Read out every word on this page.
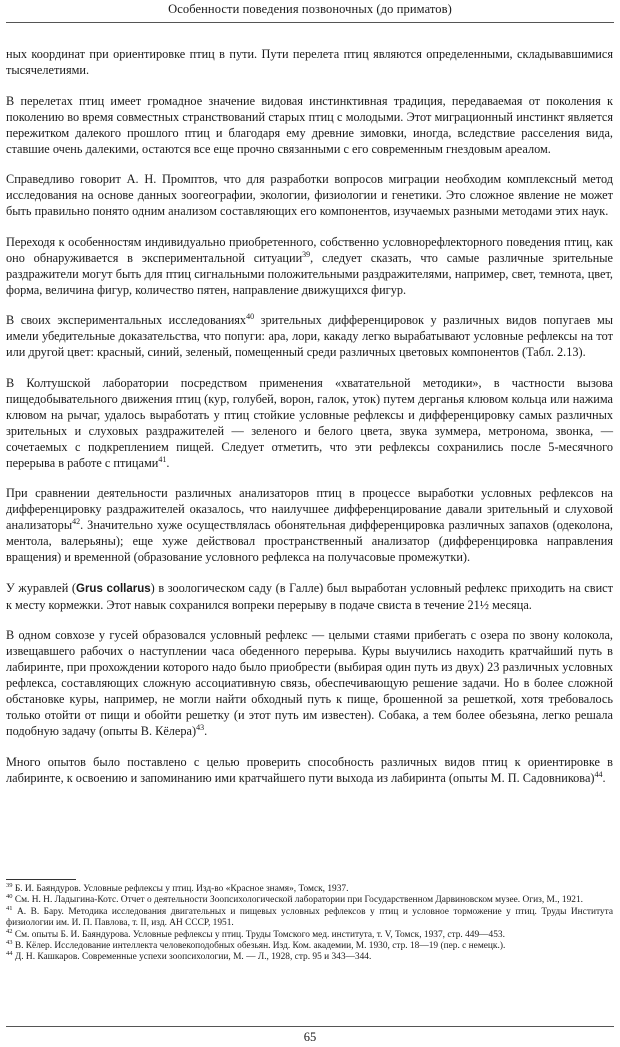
Особенности поведения позвоночных (до приматов)

ных координат при ориентировке птиц в пути. Пути перелета птиц являются определенными, складывавшимися тысячелетиями.

В перелетах птиц имеет громадное значение видовая инстинктивная традиция, передаваемая от поколения к поколению во время совместных странствований старых птиц с молодыми. Этот миграционный инстинкт является пережитком далекого прошлого птиц и благодаря ему древние зимовки, иногда, вследствие расселения вида, ставшие очень далекими, остаются все еще прочно связанными с его современным гнездовым ареалом.

Справедливо говорит А. Н. Промптов, что для разработки вопросов миграции необходим комплексный метод исследования на основе данных зоогеографии, экологии, физиологии и генетики. Это сложное явление не может быть правильно понято одним анализом составляющих его компонентов, изучаемых разными методами этих наук.

Переходя к особенностям индивидуально приобретенного, собственно условнорефлекторного поведения птиц, как оно обнаруживается в экспериментальной ситуации$^{39}$, следует сказать, что самые различные зрительные раздражители могут быть для птиц сигнальными положительными раздражителями, например, свет, темнота, цвет, форма, величина фигур, количество пятен, направление движущихся фигур.

В своих экспериментальных исследованиях$^{40}$ зрительных дифференцировок у различных видов попугаев мы имели убедительные доказательства, что попуги: ара, лори, какаду легко вырабатывают условные рефлексы на тот или другой цвет: красный, синий, зеленый, помещенный среди различных цветовых компонентов (Табл. 2.13).

В Колтушской лаборатории посредством применения «хватательной методики», в частности вызова пищедобывательного движения птиц (кур, голубей, ворон, галок, уток) путем дерганья клювом кольца или нажима клювом на рычаг, удалось выработать у птиц стойкие условные рефлексы и дифференцировку самых различных зрительных и слуховых раздражителей — зеленого и белого цвета, звука зуммера, метронома, звонка, — сочетаемых с подкреплением пищей. Следует отметить, что эти рефлексы сохранились после 5-месячного перерыва в работе с птицами$^{41}$.

При сравнении деятельности различных анализаторов птиц в процессе выработки условных рефлексов на дифференцировку раздражителей оказалось, что наилучшее дифференцирование давали зрительный и слуховой анализаторы$^{42}$. Значительно хуже осуществлялась обонятельная дифференцировка различных запахов (одеколона, ментола, валерьяны); еще хуже действовал пространственный анализатор (дифференцировка направления вращения) и временной (образование условного рефлекса на получасовые промежутки).

У журавлей (Grus collarus) в зоологическом саду (в Галле) был выработан условный рефлекс приходить на свист к месту кормежки. Этот навык сохранился вопреки перерыву в подаче свиста в течение 21½ месяца.

В одном совхозе у гусей образовался условный рефлекс — целыми стаями прибегать с озера по звону колокола, извещавшего рабочих о наступлении часа обеденного перерыва. Куры выучились находить кратчайший путь в лабиринте, при прохождении которого надо было приобрести (выбирая один путь из двух) 23 различных условных рефлекса, составляющих сложную ассоциативную связь, обеспечивающую решение задачи. Но в более сложной обстановке куры, например, не могли найти обходный путь к пище, брошенной за решеткой, хотя требовалось только отойти от пищи и обойти решетку (и этот путь им известен). Собака, а тем более обезьяна, легко решала подобную задачу (опыты В. Кёлера)$^{43}$.

Много опытов было поставлено с целью проверить способность различных видов птиц к ориентировке в лабиринте, к освоению и запоминанию ими кратчайшего пути выхода из лабиринта (опыты М. П. Садовникова)$^{44}$.

$^{39}$ Б. И. Баяндуров. Условные рефлексы у птиц. Изд-во «Красное знамя», Томск, 1937.

$^{40}$ См. Н. Н. Ладыгина-Котс. Отчет о деятельности Зоопсихологической лаборатории при Государственном Дарвиновском музее. Огиз, М., 1921.

$^{41}$ А. В. Бару. Методика исследования двигательных и пищевых условных рефлексов у птиц и условное торможение у птиц. Труды Института физиологии им. И. П. Павлова, т. II, изд. АН СССР, 1951.

$^{42}$ См. опыты Б. И. Баяндурова. Условные рефлексы у птиц. Труды Томского мед. института, т. V, Томск, 1937, стр. 449—453.

$^{43}$ В. Кёлер. Исследование интеллекта человекоподобных обезьян. Изд. Ком. академии, М. 1930, стр. 18—19 (пер. с немецк.).

$^{44}$ Д. Н. Кашкаров. Современные успехи зоопсихологии, М. — Л., 1928, стр. 95 и 343—344.

65
